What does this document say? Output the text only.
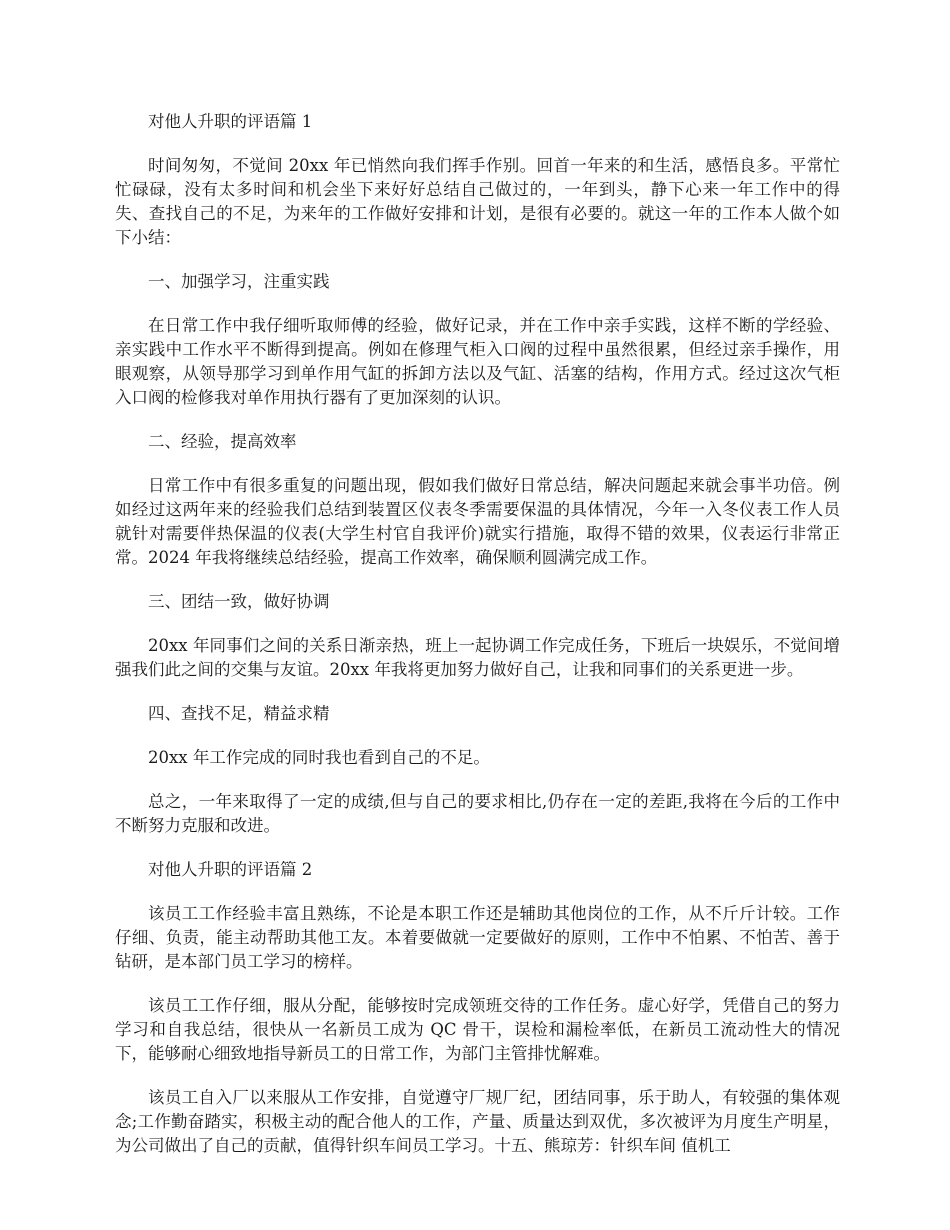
对他人升职的评语篇 1

时间匆匆，不觉间 20xx 年已悄然向我们挥手作别。回首一年来的和生活，感悟良多。平常忙忙碌碌，没有太多时间和机会坐下来好好总结自己做过的，一年到头，静下心来一年工作中的得失、查找自己的不足，为来年的工作做好安排和计划，是很有必要的。就这一年的工作本人做个如下小结：

一、加强学习，注重实践

在日常工作中我仔细听取师傅的经验，做好记录，并在工作中亲手实践，这样不断的学经验、亲实践中工作水平不断得到提高。例如在修理气柜入口阀的过程中虽然很累，但经过亲手操作，用眼观察，从领导那学习到单作用气缸的拆卸方法以及气缸、活塞的结构，作用方式。经过这次气柜入口阀的检修我对单作用执行器有了更加深刻的认识。

二、经验，提高效率

日常工作中有很多重复的问题出现，假如我们做好日常总结，解决问题起来就会事半功倍。例如经过这两年来的经验我们总结到装置区仪表冬季需要保温的具体情况，今年一入冬仪表工作人员就针对需要伴热保温的仪表(大学生村官自我评价)就实行措施，取得不错的效果，仪表运行非常正常。2024 年我将继续总结经验，提高工作效率，确保顺利圆满完成工作。

三、团结一致，做好协调

20xx 年同事们之间的关系日渐亲热，班上一起协调工作完成任务，下班后一块娱乐，不觉间增强我们此之间的交集与友谊。20xx 年我将更加努力做好自己，让我和同事们的关系更进一步。

四、查找不足，精益求精

20xx 年工作完成的同时我也看到自己的不足。

总之，一年来取得了一定的成绩,但与自己的要求相比,仍存在一定的差距,我将在今后的工作中不断努力克服和改进。

对他人升职的评语篇 2

该员工工作经验丰富且熟练，不论是本职工作还是辅助其他岗位的工作，从不斤斤计较。工作仔细、负责，能主动帮助其他工友。本着要做就一定要做好的原则，工作中不怕累、不怕苦、善于钻研，是本部门员工学习的榜样。

该员工工作仔细，服从分配，能够按时完成领班交待的工作任务。虚心好学，凭借自己的努力学习和自我总结，很快从一名新员工成为 QC 骨干，误检和漏检率低，在新员工流动性大的情况下，能够耐心细致地指导新员工的日常工作，为部门主管排忧解难。

该员工自入厂以来服从工作安排，自觉遵守厂规厂纪，团结同事，乐于助人，有较强的集体观念;工作勤奋踏实，积极主动的配合他人的工作，产量、质量达到双优，多次被评为月度生产明星，为公司做出了自己的贡献，值得针织车间员工学习。十五、熊琼芳：针织车间 值机工
